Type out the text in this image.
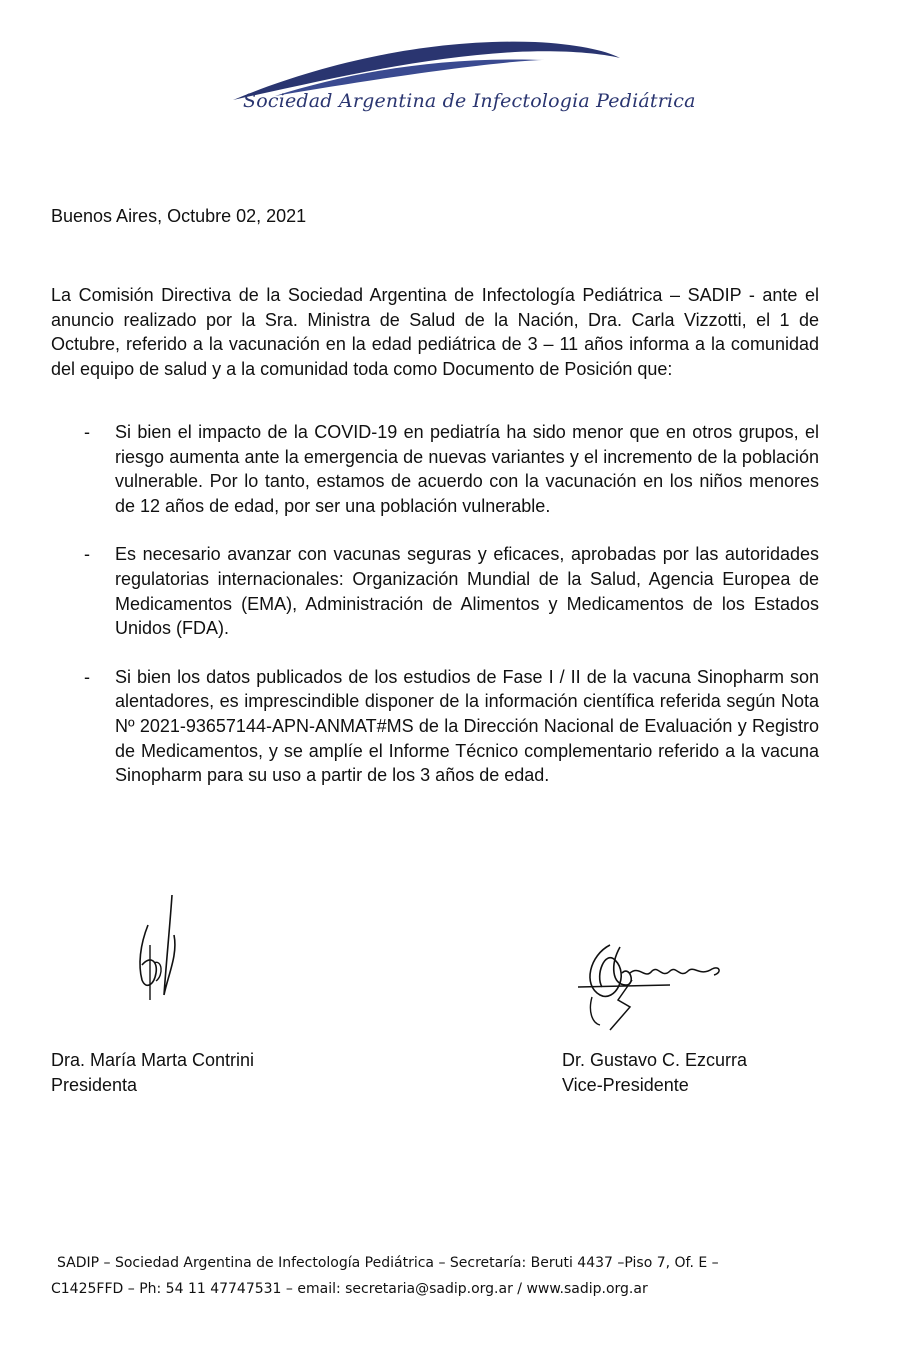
Sociedad Argentina de Infectologia Pediátrica
Buenos Aires, Octubre 02, 2021

La Comisión Directiva de la Sociedad Argentina de Infectología Pediátrica – SADIP - ante el anuncio realizado por la Sra. Ministra de Salud de la Nación, Dra. Carla Vizzotti, el 1 de Octubre, referido a la vacunación en la edad pediátrica de 3 – 11 años informa a la comunidad del equipo de salud y a la comunidad toda como Documento de Posición que:

- Si bien el impacto de la COVID-19 en pediatría ha sido menor que en otros grupos, el riesgo aumenta ante la emergencia de nuevas variantes y el incremento de la población vulnerable. Por lo tanto, estamos de acuerdo con la vacunación en los niños menores de 12 años de edad, por ser una población vulnerable.
- Es necesario avanzar con vacunas seguras y eficaces, aprobadas por las autoridades regulatorias internacionales: Organización Mundial de la Salud, Agencia Europea de Medicamentos (EMA), Administración de Alimentos y Medicamentos de los Estados Unidos (FDA).
- Si bien los datos publicados de los estudios de Fase I / II de la vacuna Sinopharm son alentadores, es imprescindible disponer de la información científica referida según Nota Nº 2021-93657144-APN-ANMAT#MS de la Dirección Nacional de Evaluación y Registro de Medicamentos, y se amplíe el Informe Técnico complementario referido a la vacuna Sinopharm para su uso a partir de los 3 años de edad.
Dra. María Marta Contrini
Presidenta
Dr. Gustavo C. Ezcurra
Vice-Presidente
SADIP – Sociedad Argentina de Infectología Pediátrica – Secretaría: Beruti 4437 –Piso 7, Of. E –
C1425FFD – Ph: 54 11 47747531 – email: secretaria@sadip.org.ar / www.sadip.org.ar
